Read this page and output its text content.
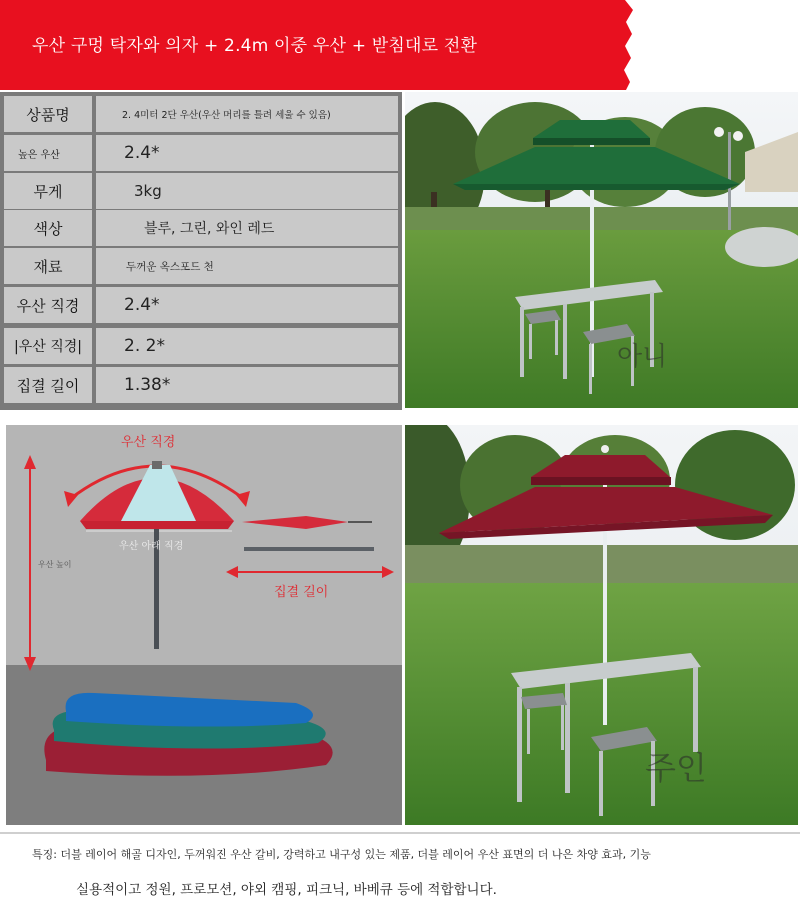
우산 구멍 탁자와 의자 + 2.4m 이중 우산 + 받침대로 전환
상품명	2. 4미터 2단 우산(우산 머리를 틀려 세울 수 있음)
높은 우산	2.4*
무게	3kg
색상	블루, 그린, 와인 레드
재료	두꺼운 옥스포드 천
우산 직경	2.4*
|우산 직경|	2. 2*
집결 길이	1.38*
아니
우산 직경
우산 아래 직경
우산 높이
집결 길이
주인
특징: 더블 레이어 해골 디자인, 두꺼워진 우산 갈비, 강력하고 내구성 있는 제품, 더블 레이어 우산 표면의 더 나은 차양 효과, 기능
실용적이고 정원, 프로모션, 야외 캠핑, 피크닉, 바베큐 등에 적합합니다.
